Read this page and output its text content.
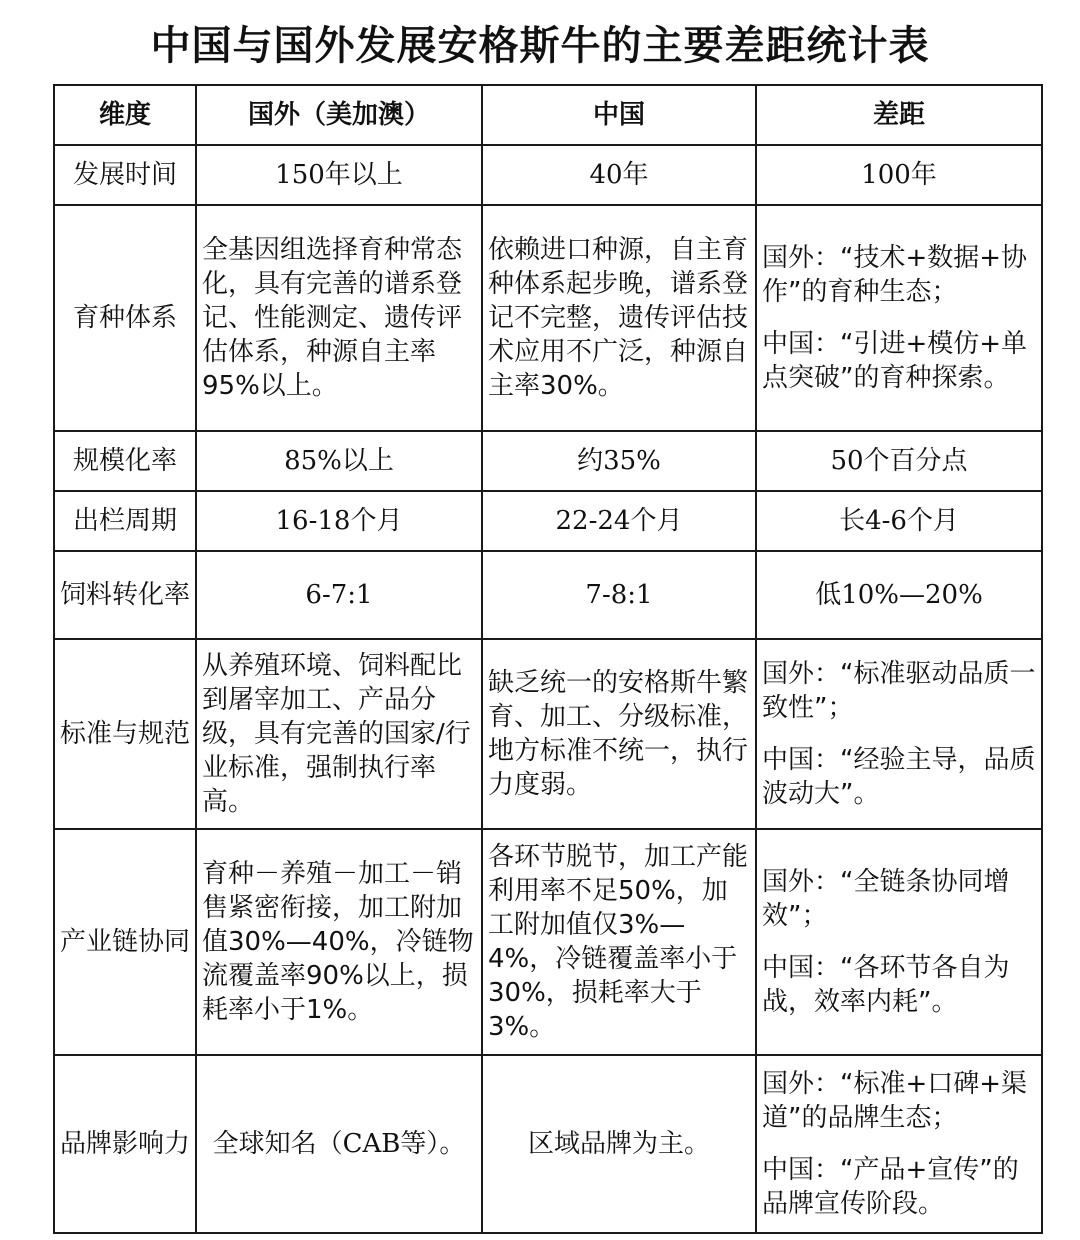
中国与国外发展安格斯牛的主要差距统计表
维度	国外（美加澳）	中国	差距
发展时间	150年以上	40年	100年
育种体系	全基因组选择育种常态化，具有完善的谱系登记、性能测定、遗传评估体系，种源自主率95%以上。	依赖进口种源，自主育种体系起步晚，谱系登记不完整，遗传评估技术应用不广泛，种源自主率30%。	国外：“技术+数据+协作”的育种生态；

中国：“引进+模仿+单点突破”的育种探索。

规模化率	85%以上	约35%	50个百分点
出栏周期	16-18个月	22-24个月	长4-6个月
饲料转化率	6-7:1	7-8:1	低10%—20%
标准与规范	从养殖环境、饲料配比到屠宰加工、产品分级，具有完善的国家/行业标准，强制执行率高。	缺乏统一的安格斯牛繁育、加工、分级标准，地方标准不统一，执行力度弱。	国外：“标准驱动品质一致性”；

中国：“经验主导，品质波动大”。

产业链协同	育种－养殖－加工－销售紧密衔接，加工附加值30%—40%，冷链物流覆盖率90%以上，损耗率小于1%。	各环节脱节，加工产能利用率不足50%，加工附加值仅3%—4%，冷链覆盖率小于30%，损耗率大于3%。	国外：“全链条协同增效”；

中国：“各环节各自为战，效率内耗”。

品牌影响力	全球知名（CAB等）。	区域品牌为主。	国外：“标准+口碑+渠道”的品牌生态；

中国：“产品+宣传”的品牌宣传阶段。
